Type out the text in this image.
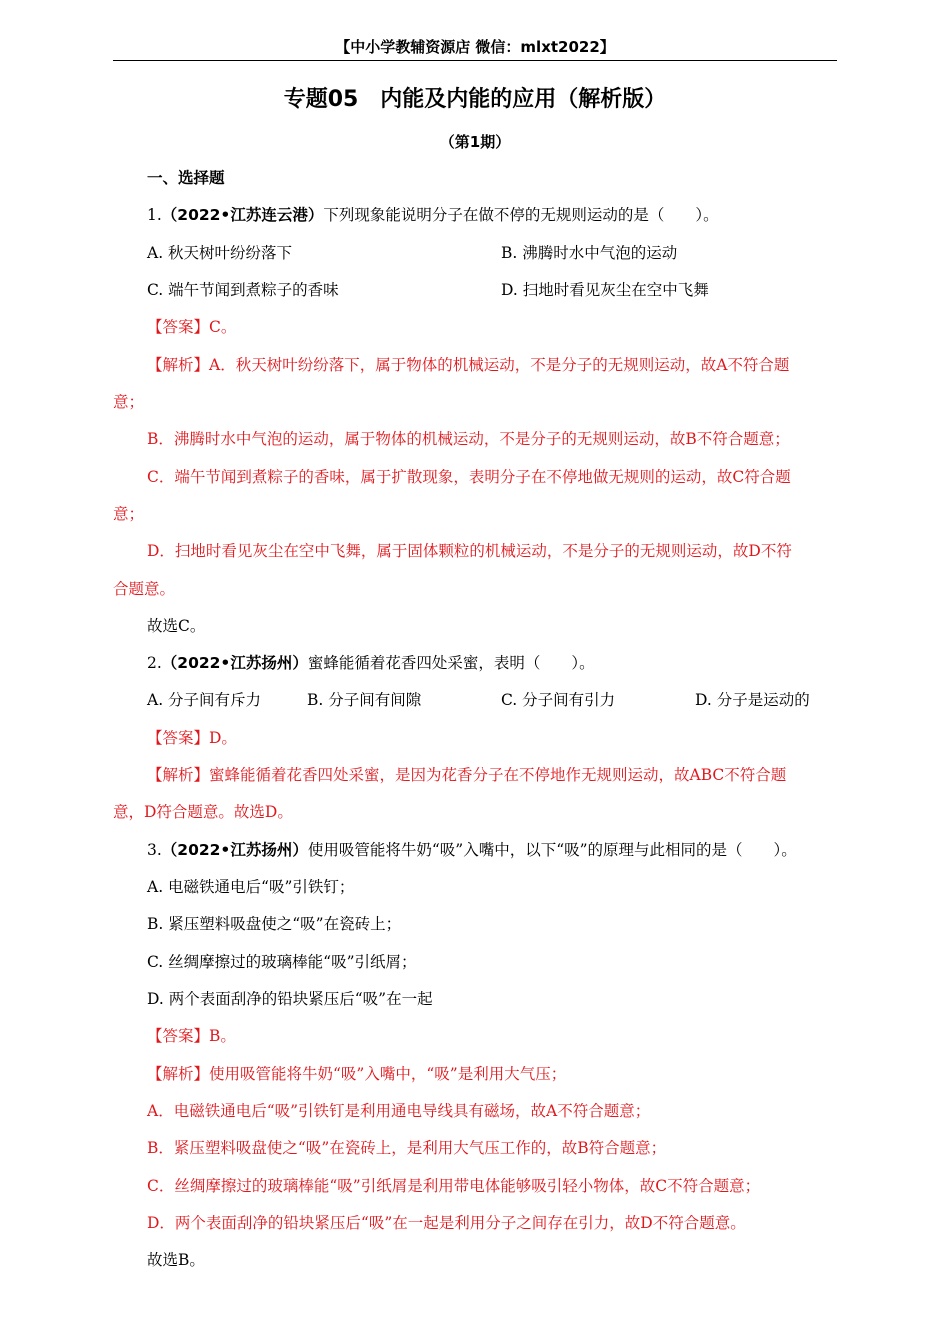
【中小学教辅资源店 微信：mlxt2022】
专题05　内能及内能的应用（解析版）
（第1期）
一、选择题
1.（2022•江苏连云港）下列现象能说明分子在做不停的无规则运动的是（　　）。
A. 秋天树叶纷纷落下	B. 沸腾时水中气泡的运动
C. 端午节闻到煮粽子的香味	D. 扫地时看见灰尘在空中飞舞
【答案】C。
【解析】A．秋天树叶纷纷落下，属于物体的机械运动，不是分子的无规则运动，故A不符合题
意；
B．沸腾时水中气泡的运动，属于物体的机械运动，不是分子的无规则运动，故B不符合题意；
C．端午节闻到煮粽子的香味，属于扩散现象，表明分子在不停地做无规则的运动，故C符合题
意；
D．扫地时看见灰尘在空中飞舞，属于固体颗粒的机械运动，不是分子的无规则运动，故D不符
合题意。
故选C。
2.（2022•江苏扬州）蜜蜂能循着花香四处采蜜，表明（　　）。
A. 分子间有斥力	B. 分子间有间隙	C. 分子间有引力	D. 分子是运动的
【答案】D。
【解析】蜜蜂能循着花香四处采蜜，是因为花香分子在不停地作无规则运动，故ABC不符合题
意，D符合题意。故选D。
3.（2022•江苏扬州）使用吸管能将牛奶“吸”入嘴中，以下“吸”的原理与此相同的是（　　）。
A. 电磁铁通电后“吸”引铁钉；
B. 紧压塑料吸盘使之“吸”在瓷砖上；
C. 丝绸摩擦过的玻璃棒能“吸”引纸屑；
D. 两个表面刮净的铅块紧压后“吸”在一起
【答案】B。
【解析】使用吸管能将牛奶“吸”入嘴中，“吸”是利用大气压；
A．电磁铁通电后“吸”引铁钉是利用通电导线具有磁场，故A不符合题意；
B．紧压塑料吸盘使之“吸”在瓷砖上，是利用大气压工作的，故B符合题意；
C．丝绸摩擦过的玻璃棒能“吸”引纸屑是利用带电体能够吸引轻小物体，故C不符合题意；
D．两个表面刮净的铅块紧压后“吸”在一起是利用分子之间存在引力，故D不符合题意。
故选B。
